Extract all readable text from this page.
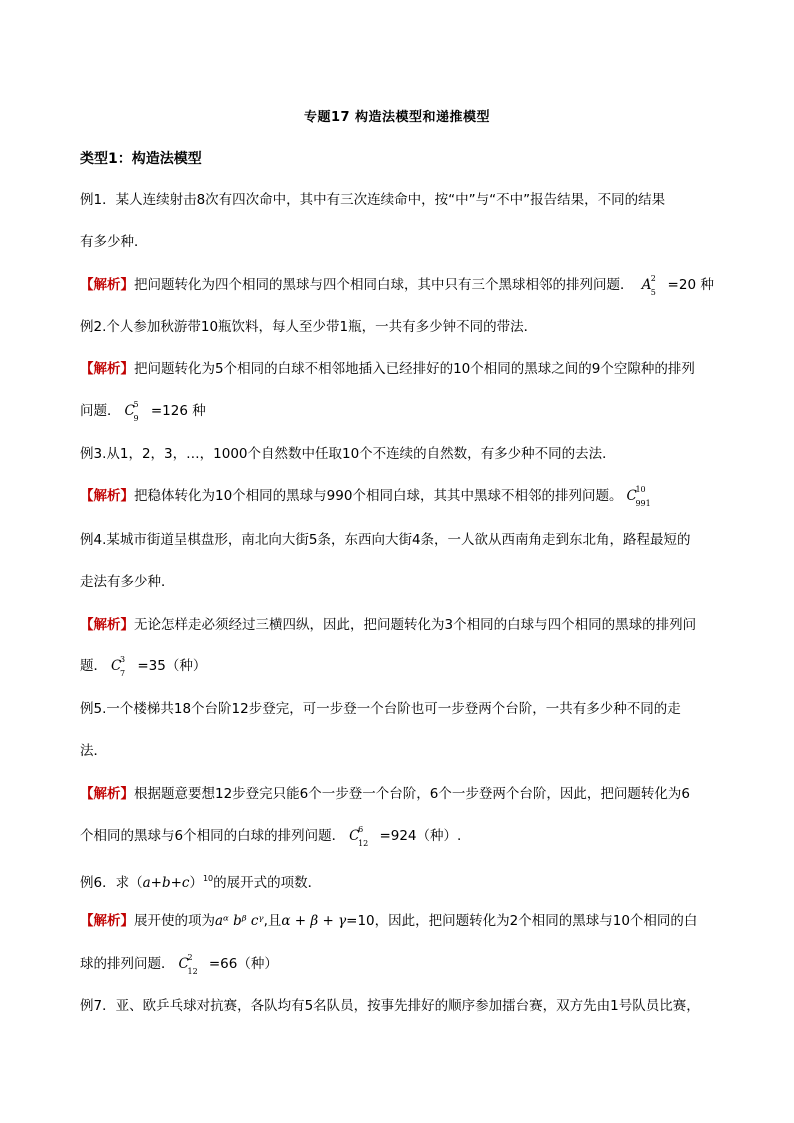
专题17 构造法模型和递推模型
类型1：构造法模型
例1．某人连续射击8次有四次命中，其中有三次连续命中，按“中”与“不中”报告结果，不同的结果
有多少种．
【解析】把问题转化为四个相同的黑球与四个相同白球，其中只有三个黑球相邻的排列问题． A 2
5 =20 种
例2.个人参加秋游带10瓶饮料，每人至少带1瓶，一共有多少钟不同的带法．
【解析】把问题转化为5个相同的白球不相邻地插入已经排好的10个相同的黑球之间的9个空隙种的排列
问题． C
5
9 =126 种
例3.从1，2，3，…，1000个自然数中任取10个不连续的自然数，有多少种不同的去法．
【解析】把稳体转化为10个相同的黑球与990个相同白球，其其中黑球不相邻的排列问题。 C
10
991
例4.某城市街道呈棋盘形，南北向大街5条，东西向大街4条，一人欲从西南角走到东北角，路程最短的
走法有多少种．
【解析】无论怎样走必须经过三横四纵，因此，把问题转化为3个相同的白球与四个相同的黑球的排列问
题． C
3
7 =35（种）
例5.一个楼梯共18个台阶12步登完，可一步登一个台阶也可一步登两个台阶，一共有多少种不同的走
法．
【解析】根据题意要想12步登完只能6个一步登一个台阶，6个一步登两个台阶，因此，把问题转化为6
个相同的黑球与6个相同的白球的排列问题． C
6
12 =924（种）.
例6．求$(a+b+c)^{10}$的展开式的项数．
【解析】展开使的项为aᵅ bᵝ cᵞ,且α + β + γ=10，因此，把问题转化为2个相同的黑球与10个相同的白
球的排列问题． C
2
12 =66（种）
例7．亚、欧乒乓球对抗赛，各队均有5名队员，按事先排好的顺序参加擂台赛，双方先由1号队员比赛，
